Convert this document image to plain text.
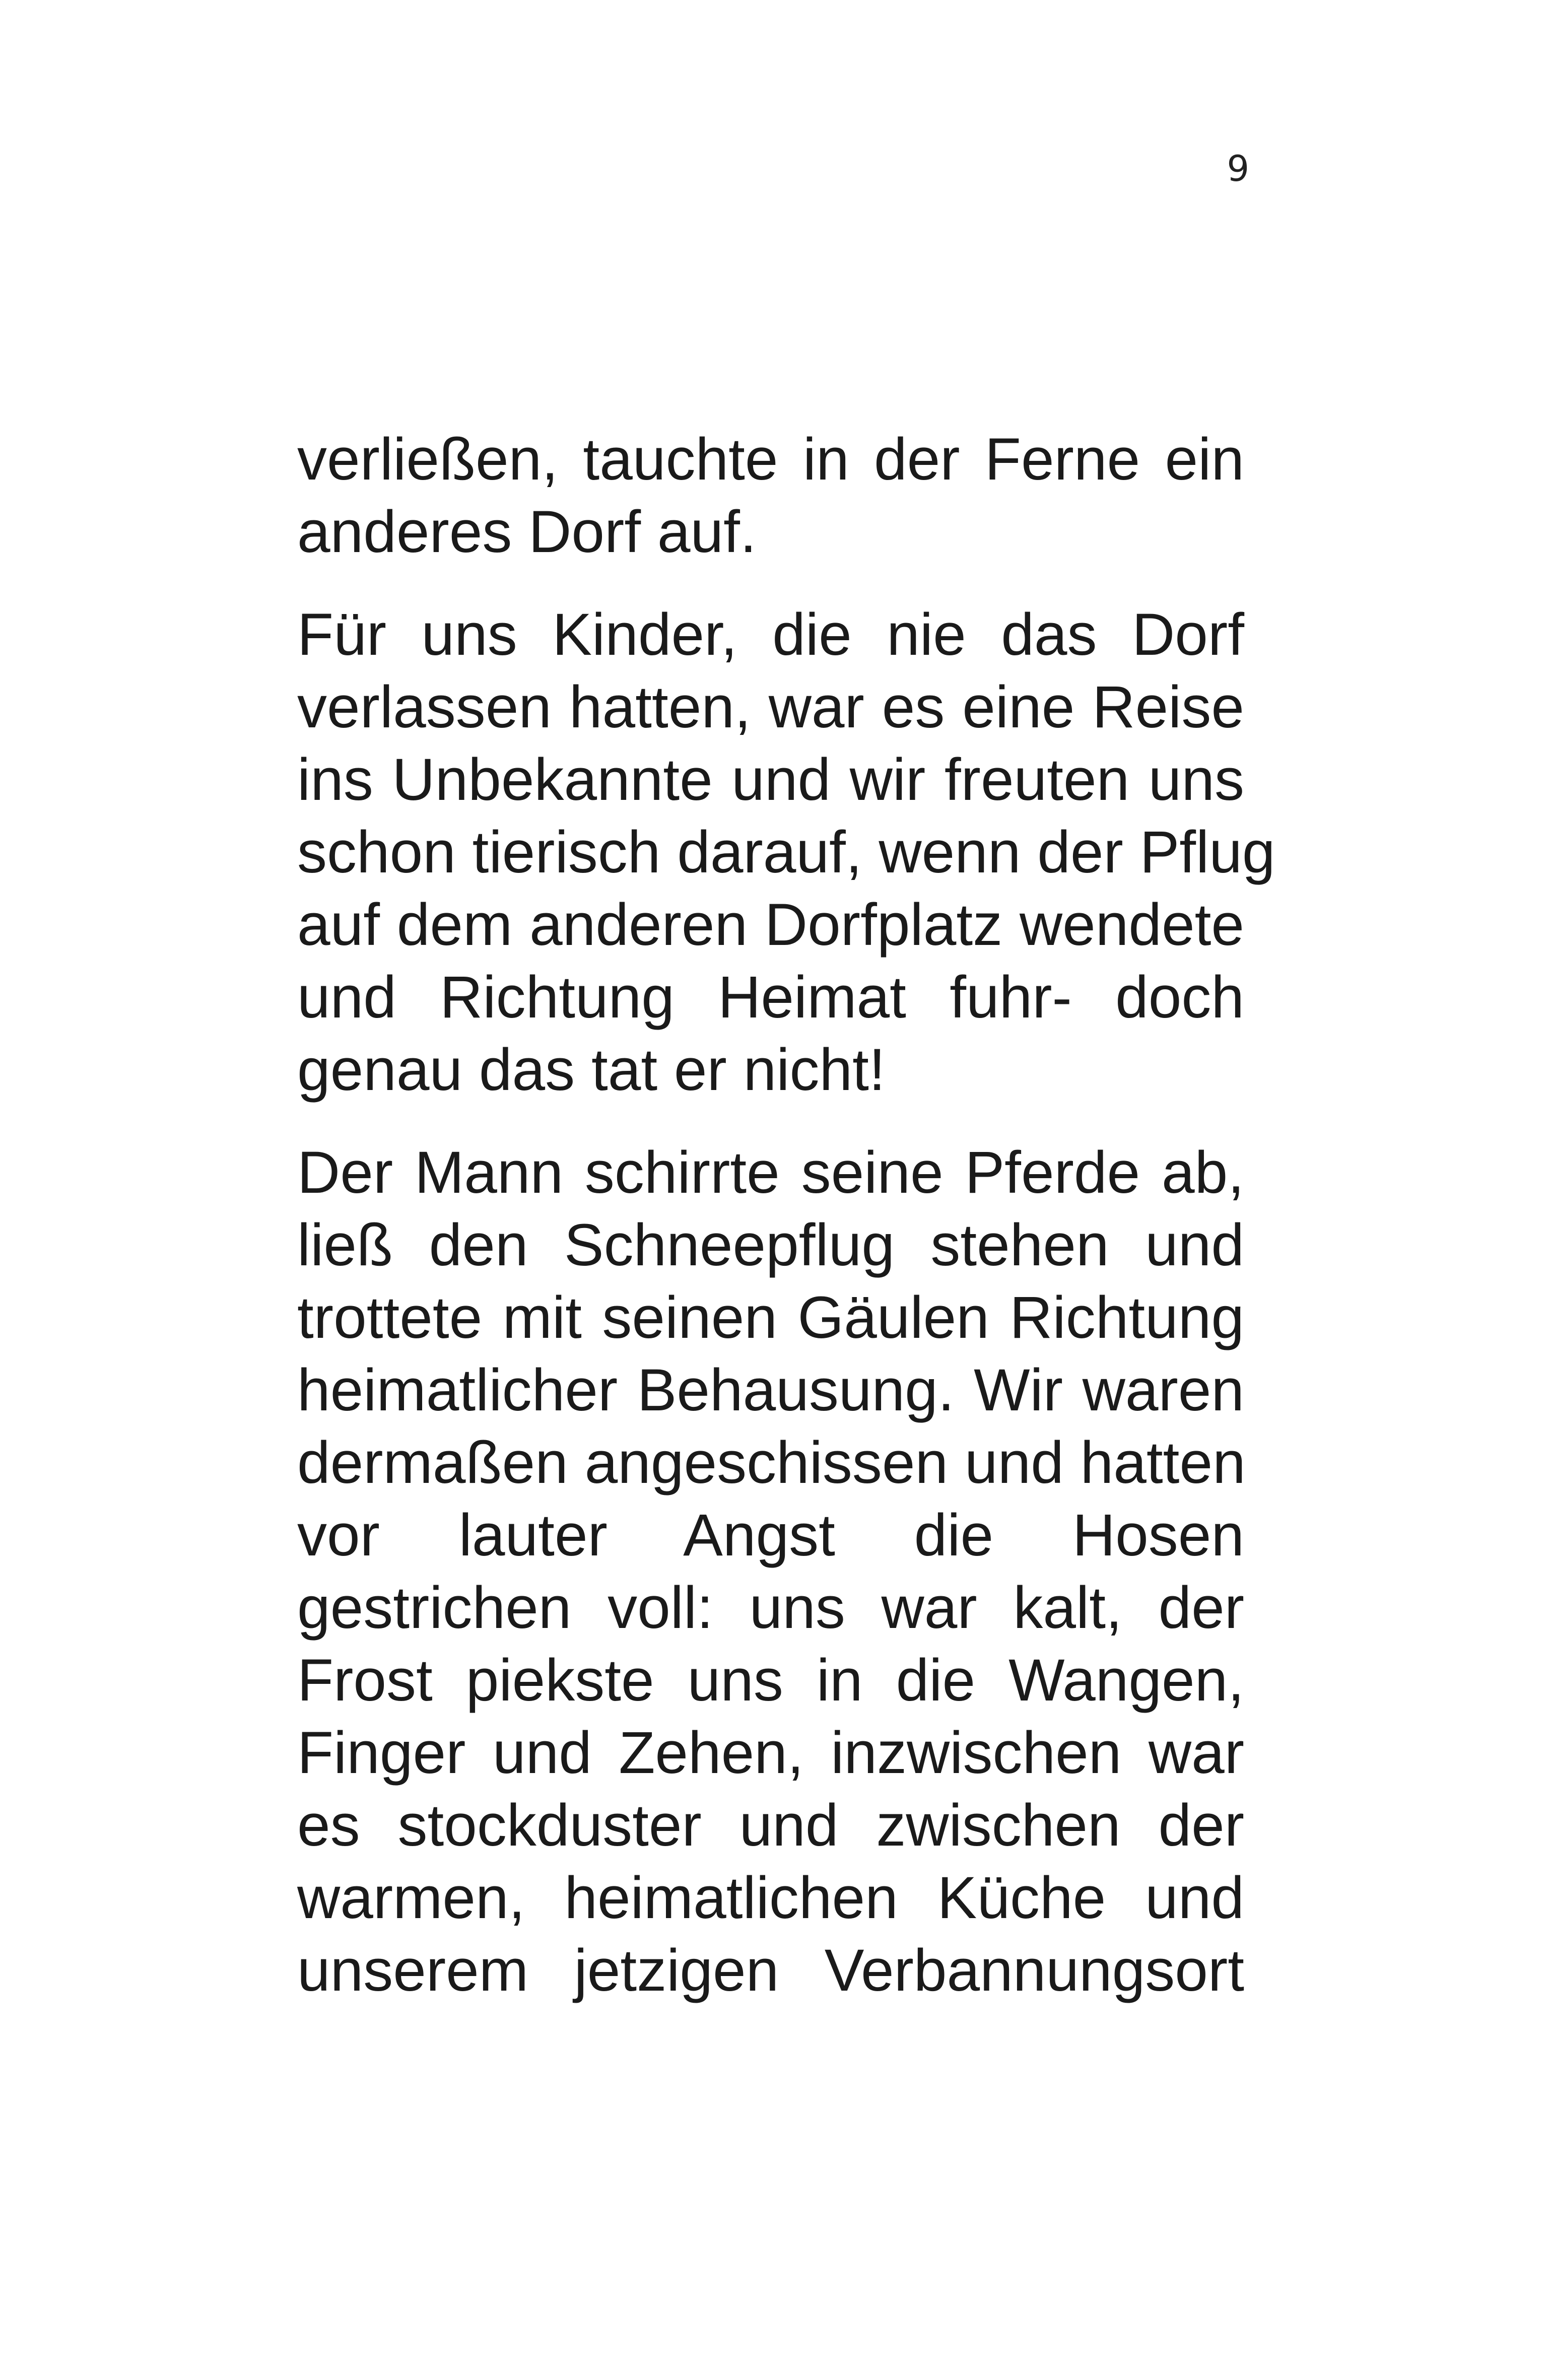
9
verließen, tauchte in der Ferne ein
anderes Dorf auf.
Für uns Kinder, die nie das Dorf
verlassen hatten, war es eine Reise
ins Unbekannte und wir freuten uns
schon tierisch darauf, wenn der Pflug
auf dem anderen Dorfplatz wendete
und Richtung Heimat fuhr- doch
genau das tat er nicht!
Der Mann schirrte seine Pferde ab,
ließ den Schneepflug stehen und
trottete mit seinen Gäulen Richtung
heimatlicher Behausung. Wir waren
dermaßen angeschissen und hatten
vor lauter Angst die Hosen
gestrichen voll: uns war kalt, der
Frost piekste uns in die Wangen,
Finger und Zehen, inzwischen war
es stockduster und zwischen der
warmen, heimatlichen Küche und
unserem jetzigen Verbannungsort
